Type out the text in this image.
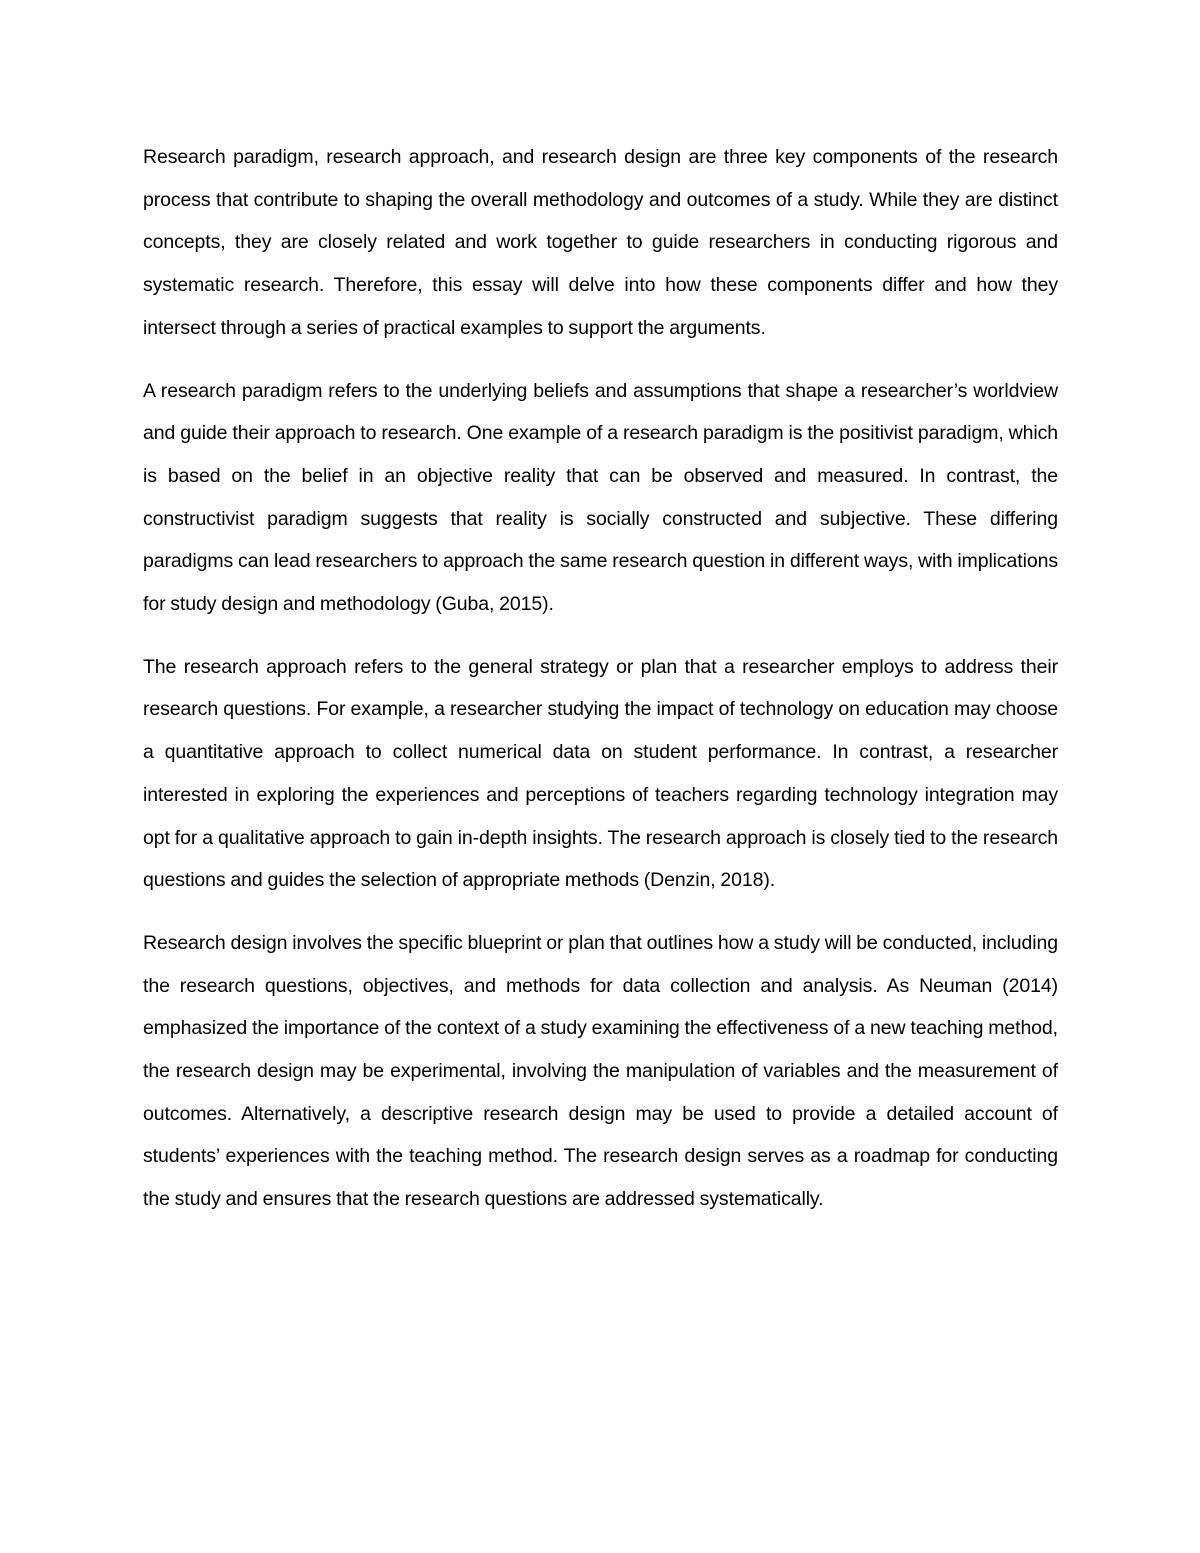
Research paradigm, research approach, and research design are three key components of the research process that contribute to shaping the overall methodology and outcomes of a study. While they are distinct concepts, they are closely related and work together to guide researchers in conducting rigorous and systematic research. Therefore, this essay will delve into how these components differ and how they intersect through a series of practical examples to support the arguments.

A research paradigm refers to the underlying beliefs and assumptions that shape a researcher’s worldview and guide their approach to research. One example of a research paradigm is the positivist paradigm, which is based on the belief in an objective reality that can be observed and measured. In contrast, the constructivist paradigm suggests that reality is socially constructed and subjective. These differing paradigms can lead researchers to approach the same research question in different ways, with implications for study design and methodology (Guba, 2015).

The research approach refers to the general strategy or plan that a researcher employs to address their research questions. For example, a researcher studying the impact of technology on education may choose a quantitative approach to collect numerical data on student performance. In contrast, a researcher interested in exploring the experiences and perceptions of teachers regarding technology integration may opt for a qualitative approach to gain in-depth insights. The research approach is closely tied to the research questions and guides the selection of appropriate methods (Denzin, 2018).

Research design involves the specific blueprint or plan that outlines how a study will be conducted, including the research questions, objectives, and methods for data collection and analysis. As Neuman (2014) emphasized the importance of the context of a study examining the effectiveness of a new teaching method, the research design may be experimental, involving the manipulation of variables and the measurement of outcomes. Alternatively, a descriptive research design may be used to provide a detailed account of students’ experiences with the teaching method. The research design serves as a roadmap for conducting the study and ensures that the research questions are addressed systematically.
